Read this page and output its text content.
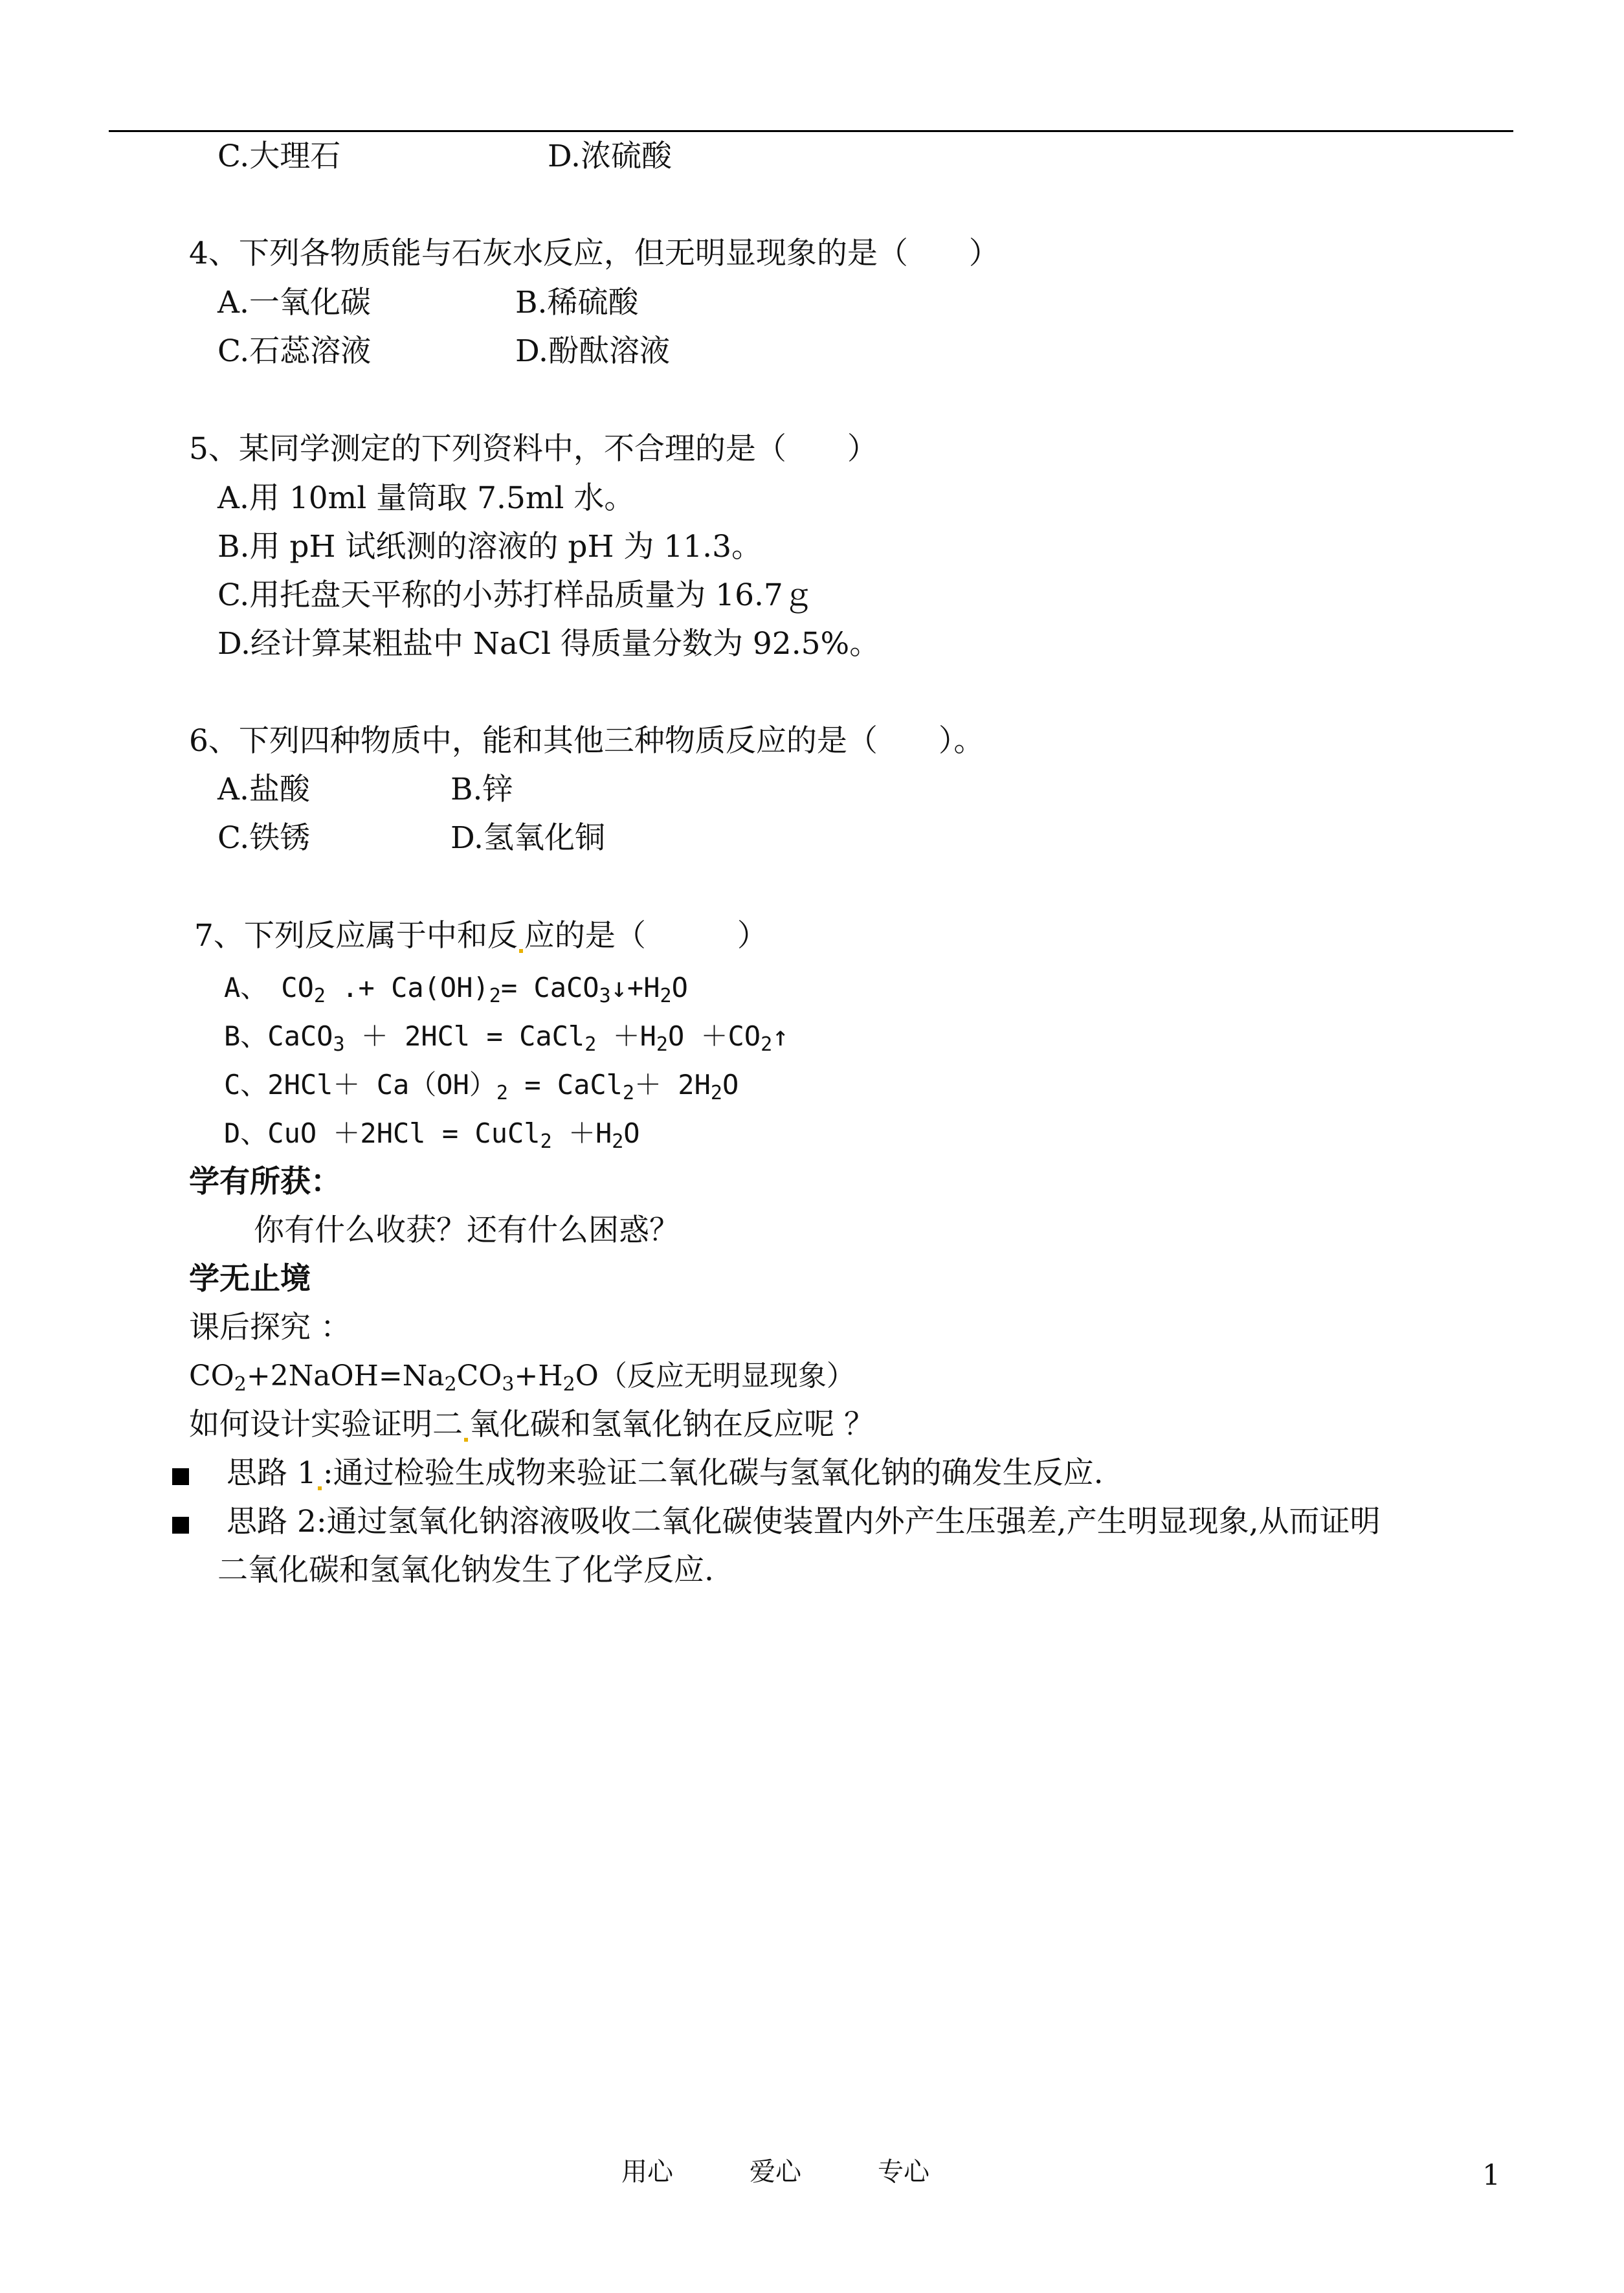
C.大理石	D.浓硫酸
4、下列各物质能与石灰水反应，但无明显现象的是（　　）
A.一氧化碳	B.稀硫酸
C.石蕊溶液	D.酚酞溶液
5、某同学测定的下列资料中，不合理的是（　　）
A.用 10ml 量筒取 7.5ml 水。
B.用 pH 试纸测的溶液的 pH 为 11.3。
C.用托盘天平称的小苏打样品质量为 16.7ｇ
D.经计算某粗盐中 NaCl 得质量分数为 92.5%。
6、下列四种物质中，能和其他三种物质反应的是（　　）。
A.盐酸	B.锌
C.铁锈	D.氢氧化铜
7、下列反应属于中和反 应的是（　　　）
A、　$CO_2$ .+ $Ca(OH)_2=$ $CaCO_3↓+H_2O$
B、CaCO$_3$ ＋ 2HCl = CaCl$_2$ $+H_2O$ $+CO_2↑$
C、$2HCl+ Ca(OH)_2$ = CaCl$_2$＋ $2H_2O$
D、CuO ＋2HCl = CuCl$_2$ $+H_2O$
学有所获：
你有什么收获？还有什么困惑？
学无止境
课后探究 ：
$CO_2+2NaOH=Na_2CO_3+H_2O$（反应无明显现象）
如何设计实验证明二 氧化碳和氢氧化钠在反应呢 ？
思路 1 :通过检验生成物来验证二氧化碳与氢氧化钠的确发生反应.
思路 2:通过氢氧化钠溶液吸收二氧化碳使装置内外产生压强差,产生明显现象,从而证明
二氧化碳和氢氧化钠发生了化学反应.
用心	爱心	专心	1
